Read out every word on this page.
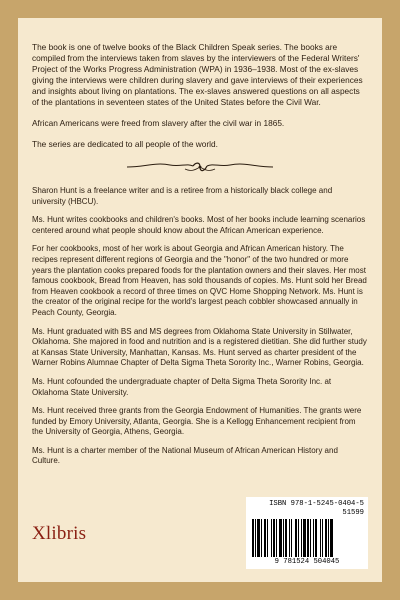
The book is one of twelve books of the Black Children Speak series. The books are compiled from the interviews taken from slaves by the interviewers of the Federal Writers' Project of the Works Progress Administration (WPA) in 1936–1938. Most of the ex-slaves giving the interviews were children during slavery and gave interviews of their experiences and insights about living on plantations. The ex-slaves answered questions on all aspects of the plantations in seventeen states of the United States before the Civil War.

African Americans were freed from slavery after the civil war in 1865.

The series are dedicated to all people of the world.

Sharon Hunt is a freelance writer and is a retiree from a historically black college and university (HBCU).

Ms. Hunt writes cookbooks and children's books. Most of her books include learning scenarios centered around what people should know about the African American experience.

For her cookbooks, most of her work is about Georgia and African American history. The recipes represent different regions of Georgia and the "honor" of the two hundred or more years the plantation cooks prepared foods for the plantation owners and their slaves. Her most famous cookbook, Bread from Heaven, has sold thousands of copies. Ms. Hunt sold her Bread from Heaven cookbook a record of three times on QVC Home Shopping Network. Ms. Hunt is the creator of the original recipe for the world's largest peach cobbler showcased annually in Peach County, Georgia.

Ms. Hunt graduated with BS and MS degrees from Oklahoma State University in Stillwater, Oklahoma. She majored in food and nutrition and is a registered dietitian. She did further study at Kansas State University, Manhattan, Kansas. Ms. Hunt served as charter president of the Warner Robins Alumnae Chapter of Delta Sigma Theta Sorority Inc., Warner Robins, Georgia.

Ms. Hunt cofounded the undergraduate chapter of Delta Sigma Theta Sorority Inc. at Oklahoma State University.

Ms. Hunt received three grants from the Georgia Endowment of Humanities. The grants were funded by Emory University, Atlanta, Georgia. She is a Kellogg Enhancement recipient from the University of Georgia, Athens, Georgia.

Ms. Hunt is a charter member of the National Museum of African American History and Culture.

Xlibris
ISBN 978-1-5245-0404-5
51599
9 781524 504045
